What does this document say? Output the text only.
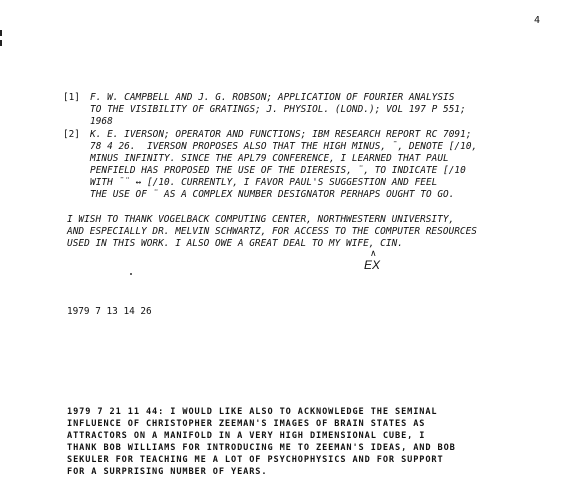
4
[1] F. W. CAMPBELL AND J. G. ROBSON; APPLICATION OF FOURIER ANALYSIS
TO THE VISIBILITY OF GRATINGS; J. PHYSIOL. (LOND.); VOL 197 P 551;
1968
[2] K. E. IVERSON; OPERATOR AND FUNCTIONS; IBM RESEARCH REPORT RC 7091;
78 4 26.  IVERSON PROPOSES ALSO THAT THE HIGH MINUS, ¯, DENOTE [/10,
MINUS INFINITY. SINCE THE APL79 CONFERENCE, I LEARNED THAT PAUL
PENFIELD HAS PROPOSED THE USE OF THE DIERESIS, ¨, TO INDICATE [/10
WITH ¯¨ ↔ [/10. CURRENTLY, I FAVOR PAUL'S SUGGESTION AND FEEL
THE USE OF ¨ AS A COMPLEX NUMBER DESIGNATOR PERHAPS OUGHT TO GO.
I WISH TO THANK VOGELBACK COMPUTING CENTER, NORTHWESTERN UNIVERSITY,
AND ESPECIALLY DR. MELVIN SCHWARTZ, FOR ACCESS TO THE COMPUTER RESOURCES
USED IN THIS WORK. I ALSO OWE A GREAT DEAL TO MY WIFE, CIN.
∧
EX
1979 7 13 14 26
1979 7 21 11 44: I WOULD LIKE ALSO TO ACKNOWLEDGE THE SEMINAL
INFLUENCE OF CHRISTOPHER ZEEMAN'S IMAGES OF BRAIN STATES AS
ATTRACTORS ON A MANIFOLD IN A VERY HIGH DIMENSIONAL CUBE, I
THANK BOB WILLIAMS FOR INTRODUCING ME TO ZEEMAN'S IDEAS, AND BOB
SEKULER FOR TEACHING ME A LOT OF PSYCHOPHYSICS AND FOR SUPPORT
FOR A SURPRISING NUMBER OF YEARS.
